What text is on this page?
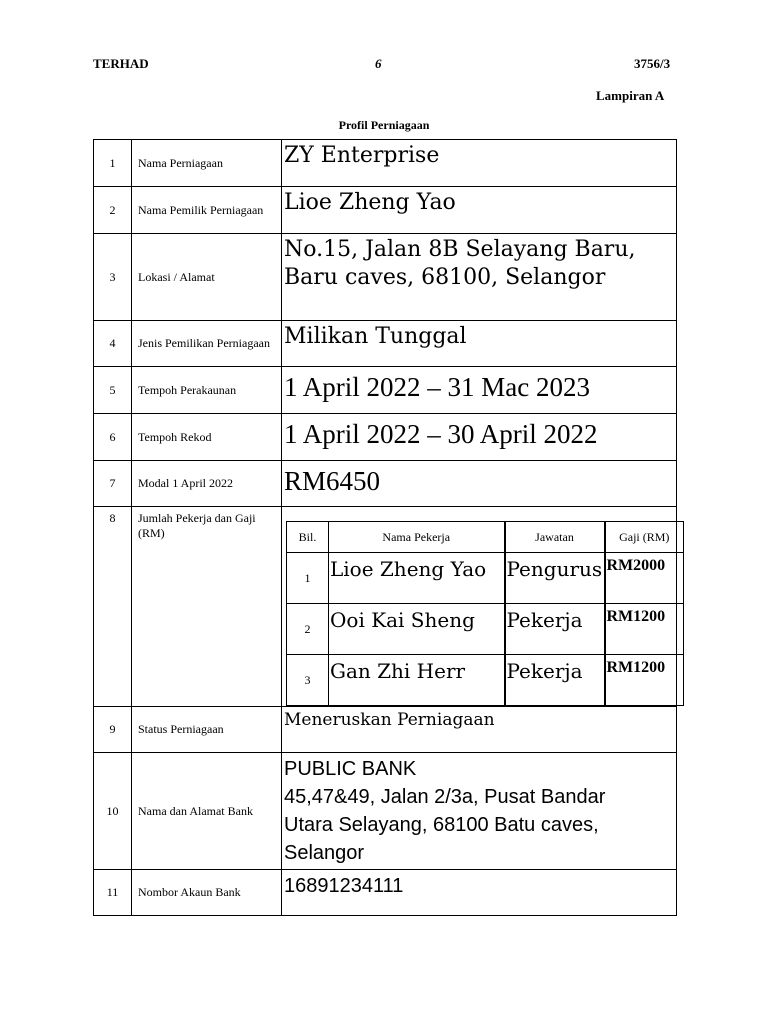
TERHAD	6	3756/3
Lampiran A
Profil Perniagaan
1	Nama Perniagaan	ZY Enterprise
2	Nama Pemilik Perniagaan	Lioe Zheng Yao
3	Lokasi / Alamat	
No.15, Jalan 8B Selayang Baru,
Baru caves, 68100, Selangor

4	Jenis Pemilikan Perniagaan	Milikan Tunggal
5	Tempoh Perakaunan	1 April 2022 – 31 Mac 2023
6	Tempoh Rekod	1 April 2022 – 30 April 2022
7	Modal 1 April 2022	RM6450
8	Jumlah Pekerja dan Gaji (RM)		Bil.	Nama Pekerja	Jawatan	Gaji (RM)
1	Lioe Zheng Yao	Pengurus	RM2000
2	Ooi Kai Sheng	Pekerja	RM1200
3	Gan Zhi Herr	Pekerja	RM1200

9	Status Perniagaan	Meneruskan Perniagaan
10	Nama dan Alamat Bank	
PUBLIC BANK
45,47&49, Jalan 2/3a, Pusat Bandar
Utara Selayang, 68100 Batu caves,
Selangor

11	Nombor Akaun Bank	16891234111
